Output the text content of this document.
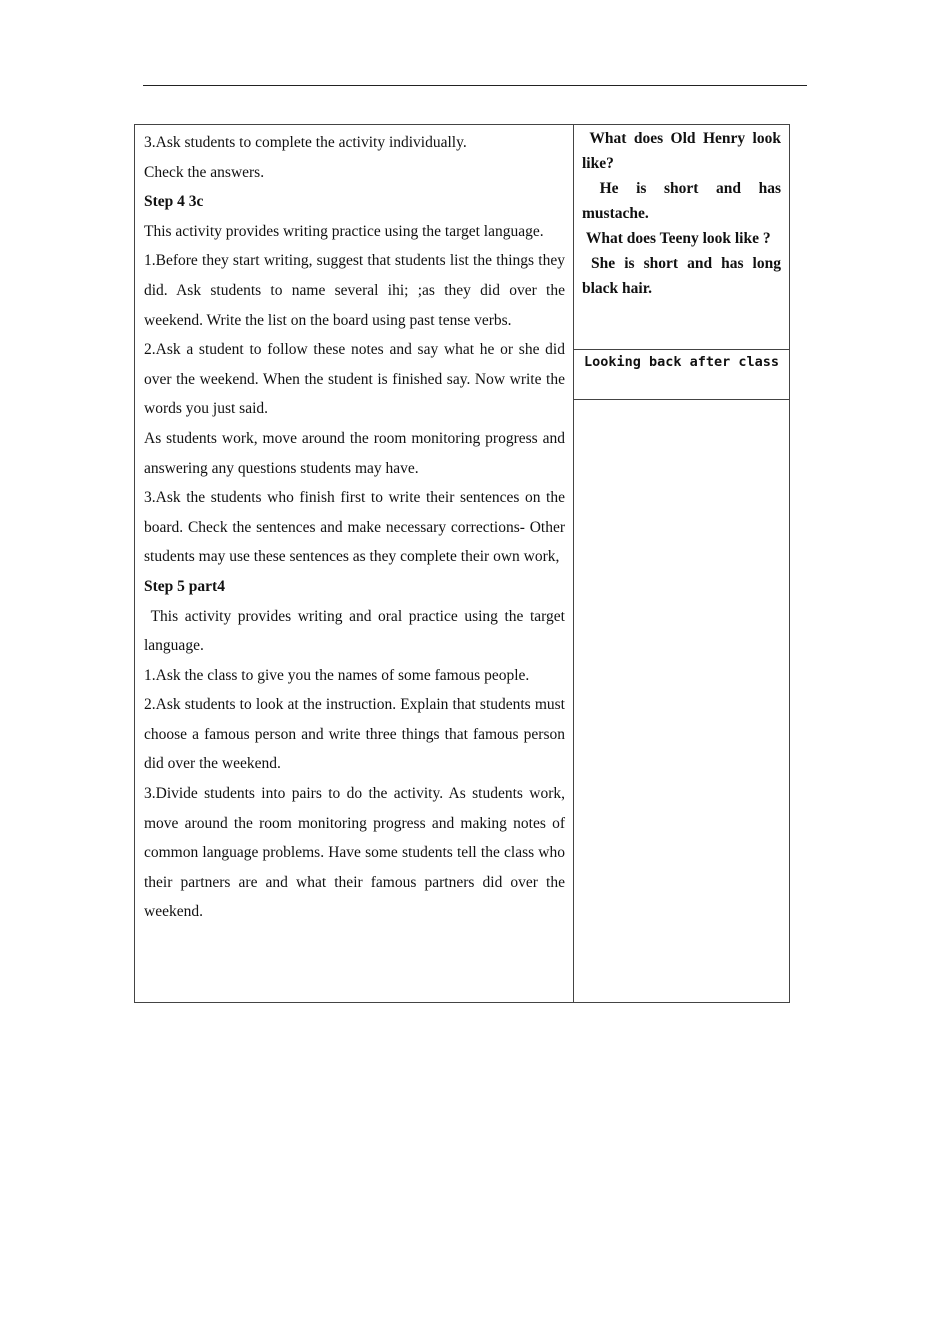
3.Ask students to complete the activity individually.

Check the answers.

Step 4 3c

This activity provides writing practice using the target language.

1.Before they start writing, suggest that students list the things they did. Ask students to name several ihi; ;as they did over the weekend. Write the list on the board using past tense verbs.

2.Ask a student to follow these notes and say what he or she did over the weekend. When the student is finished say. Now write the words you just said.

As students work, move around the room monitoring progress and answering any questions students may have.

3.Ask the students who finish first to write their sentences on the board. Check the sentences and make necessary corrections- Other students may use these sentences as they complete their own work,

Step 5 part4

This activity provides writing and oral practice using the target language.

1.Ask the class to give you the names of some famous people.

2.Ask students to look at the instruction. Explain that students must choose a famous person and write three things that famous person did over the weekend.

3.Divide students into pairs to do the activity. As students work, move around the room monitoring progress and making notes of common language problems. Have some students tell the class who their partners are and what their famous partners did over the weekend.

What does Old Henry look like?

He is short and has mustache.

What does Teeny look like ?

She is short and has long black hair.

Looking back after class
